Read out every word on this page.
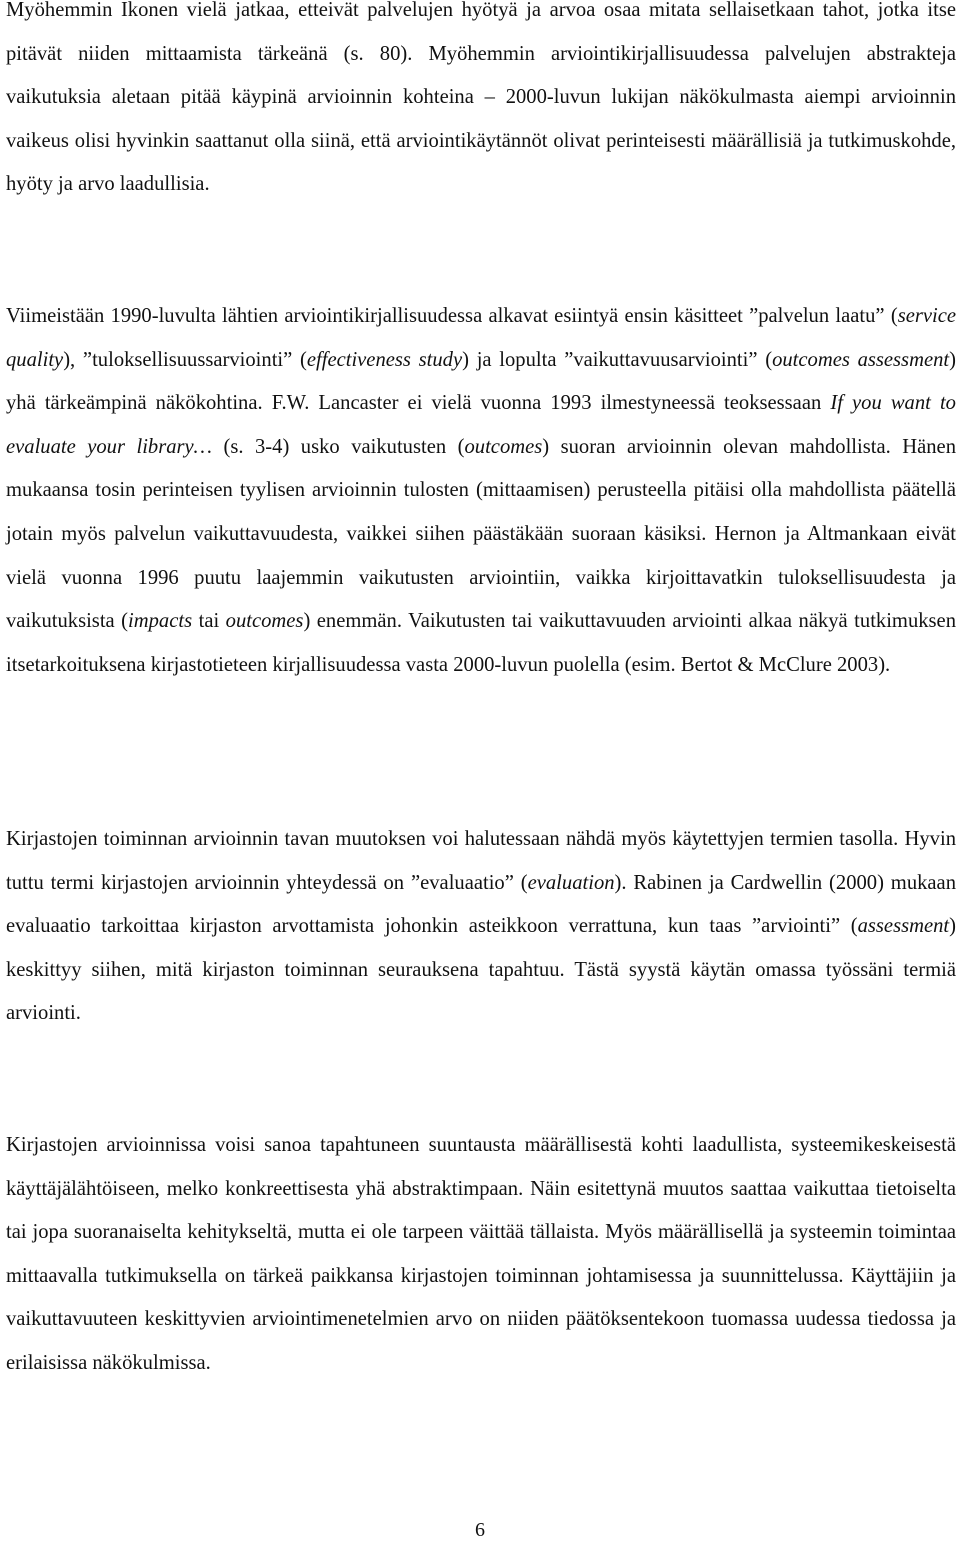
Myöhemmin Ikonen vielä jatkaa, etteivät palvelujen hyötyä ja arvoa osaa mitata sellaisetkaan tahot, jotka itse pitävät niiden mittaamista tärkeänä (s. 80). Myöhemmin arviointikirjallisuudessa palvelujen abstrakteja vaikutuksia aletaan pitää käypinä arvioinnin kohteina – 2000-luvun lukijan näkökulmasta aiempi arvioinnin vaikeus olisi hyvinkin saattanut olla siinä, että arviointikäytännöt olivat perinteisesti määrällisiä ja tutkimuskohde, hyöty ja arvo laadullisia.

Viimeistään 1990-luvulta lähtien arviointikirjallisuudessa alkavat esiintyä ensin käsitteet ”palvelun laatu” (service quality), ”tuloksellisuussarviointi” (effectiveness study) ja lopulta ”vaikuttavuusarviointi” (outcomes assessment) yhä tärkeämpinä näkökohtina. F.W. Lancaster ei vielä vuonna 1993 ilmestyneessä teoksessaan If you want to evaluate your library… (s. 3-4) usko vaikutusten (outcomes) suoran arvioinnin olevan mahdollista. Hänen mukaansa tosin perinteisen tyylisen arvioinnin tulosten (mittaamisen) perusteella pitäisi olla mahdollista päätellä jotain myös palvelun vaikuttavuudesta, vaikkei siihen päästäkään suoraan käsiksi. Hernon ja Altmankaan eivät vielä vuonna 1996 puutu laajemmin vaikutusten arviointiin, vaikka kirjoittavatkin tuloksellisuudesta ja vaikutuksista (impacts tai outcomes) enemmän. Vaikutusten tai vaikuttavuuden arviointi alkaa näkyä tutkimuksen itsetarkoituksena kirjastotieteen kirjallisuudessa vasta 2000-luvun puolella (esim. Bertot & McClure 2003).

Kirjastojen toiminnan arvioinnin tavan muutoksen voi halutessaan nähdä myös käytettyjen termien tasolla. Hyvin tuttu termi kirjastojen arvioinnin yhteydessä on ”evaluaatio” (evaluation). Rabinen ja Cardwellin (2000) mukaan evaluaatio tarkoittaa kirjaston arvottamista johonkin asteikkoon verrattuna, kun taas ”arviointi” (assessment) keskittyy siihen, mitä kirjaston toiminnan seurauksena tapahtuu. Tästä syystä käytän omassa työssäni termiä arviointi.

Kirjastojen arvioinnissa voisi sanoa tapahtuneen suuntausta määrällisestä kohti laadullista, systeemikeskeisestä käyttäjälähtöiseen, melko konkreettisesta yhä abstraktimpaan. Näin esitettynä muutos saattaa vaikuttaa tietoiselta tai jopa suoranaiselta kehitykseltä, mutta ei ole tarpeen väittää tällaista. Myös määrällisellä ja systeemin toimintaa mittaavalla tutkimuksella on tärkeä paikkansa kirjastojen toiminnan johtamisessa ja suunnittelussa. Käyttäjiin ja vaikuttavuuteen keskittyvien arviointimenetelmien arvo on niiden päätöksentekoon tuomassa uudessa tiedossa ja erilaisissa näkökulmissa.

6
